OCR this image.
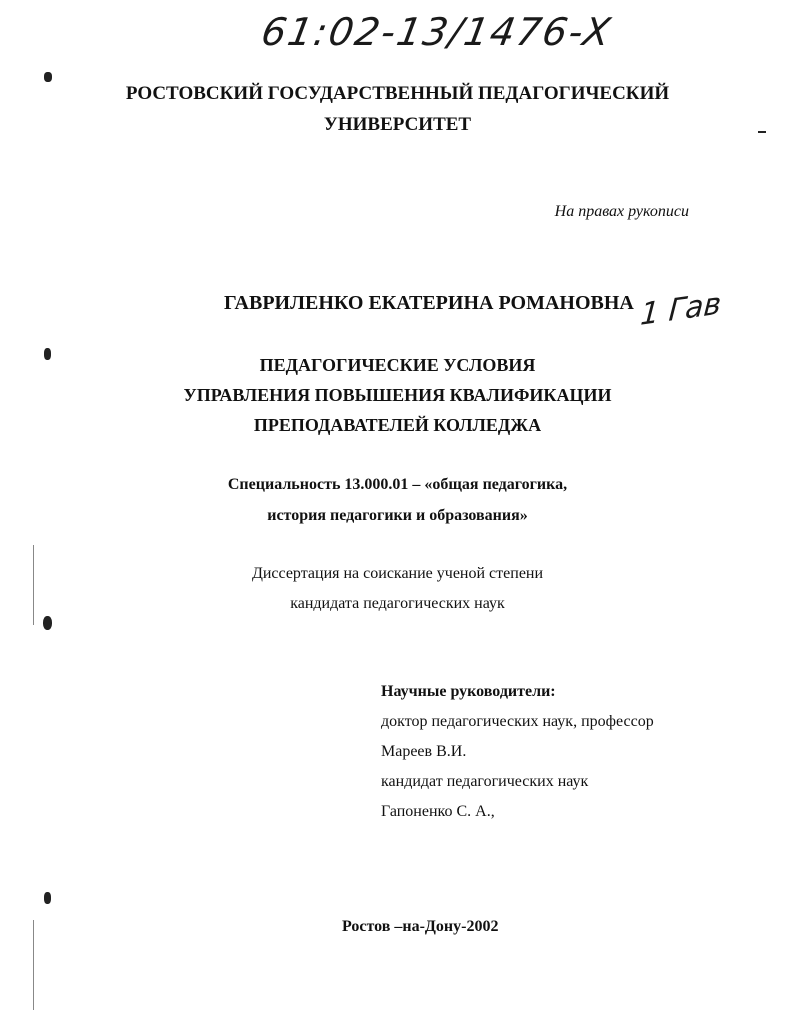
61:02-13/1476-X
РОСТОВСКИЙ ГОСУДАРСТВЕННЫЙ ПЕДАГОГИЧЕСКИЙ
УНИВЕРСИТЕТ
На правах рукописи
ГАВРИЛЕНКО ЕКАТЕРИНА РОМАНОВНА 1 Гав
ПЕДАГОГИЧЕСКИЕ УСЛОВИЯ
УПРАВЛЕНИЯ ПОВЫШЕНИЯ КВАЛИФИКАЦИИ
ПРЕПОДАВАТЕЛЕЙ КОЛЛЕДЖА
Специальность 13.000.01 – «общая педагогика,
история педагогики и образования»
Диссертация на соискание ученой степени
кандидата педагогических наук
Научные руководители:
доктор педагогических наук, профессор
Мареев В.И.
кандидат педагогических наук
Гапоненко С. А.,
Ростов –на-Дону-2002
